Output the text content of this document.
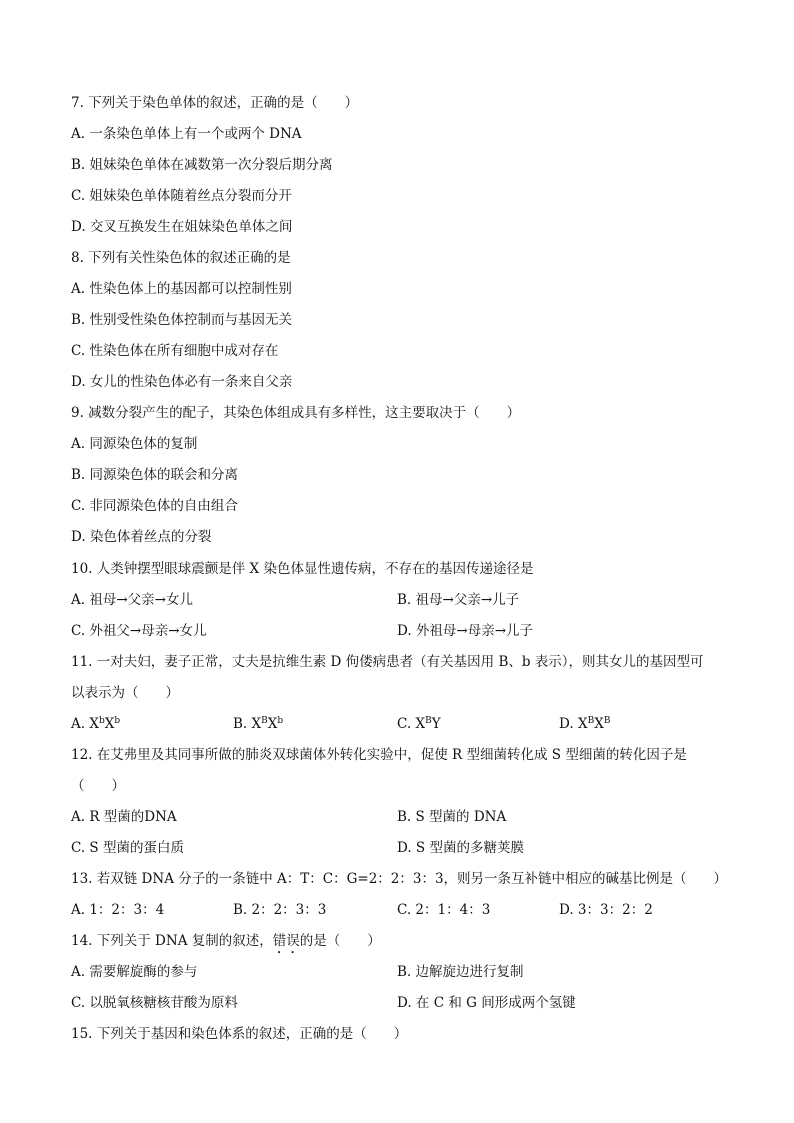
7. 下列关于染色单体的叙述，正确的是（　　）
A. 一条染色单体上有一个或两个 DNA
B. 姐妹染色单体在减数第一次分裂后期分离
C. 姐妹染色单体随着丝点分裂而分开
D. 交叉互换发生在姐妹染色单体之间
8. 下列有关性染色体的叙述正确的是
A. 性染色体上的基因都可以控制性别
B. 性别受性染色体控制而与基因无关
C. 性染色体在所有细胞中成对存在
D. 女儿的性染色体必有一条来自父亲
9. 减数分裂产生的配子，其染色体组成具有多样性，这主要取决于（　　）
A. 同源染色体的复制
B. 同源染色体的联会和分离
C. 非同源染色体的自由组合
D. 染色体着丝点的分裂
10. 人类钟摆型眼球震颤是伴 X 染色体显性遗传病，不存在的基因传递途径是
A. 祖母→父亲→女儿	B. 祖母→父亲→儿子
C. 外祖父→母亲→女儿	D. 外祖母→母亲→儿子
11. 一对夫妇，妻子正常，丈夫是抗维生素 D 佝偻病患者（有关基因用 B、b 表示），则其女儿的基因型可
以表示为（　　）
A. $X^bX^b$	B. $X^BX^b$	C. $X^BY$	D. $X^BX^B$
12. 在艾弗里及其同事所做的肺炎双球菌体外转化实验中，促使 R 型细菌转化成 S 型细菌的转化因子是
（　　）
A. R 型菌的DNA	B. S 型菌的 DNA
C. S 型菌的蛋白质	D. S 型菌的多糖荚膜
13. 若双链 DNA 分子的一条链中 A：T：C：G=2：2：3：3，则另一条互补链中相应的碱基比例是（　　）
A. 1：2：3：4	B. 2：2：3：3	C. 2：1：4：3	D. 3：3：2：2
14. 下列关于 DNA 复制的叙述，错误的是（　　）
A. 需要解旋酶的参与	B. 边解旋边进行复制
C. 以脱氧核糖核苷酸为原料	D. 在 C 和 G 间形成两个氢键
15. 下列关于基因和染色体系的叙述，正确的是（　　）
